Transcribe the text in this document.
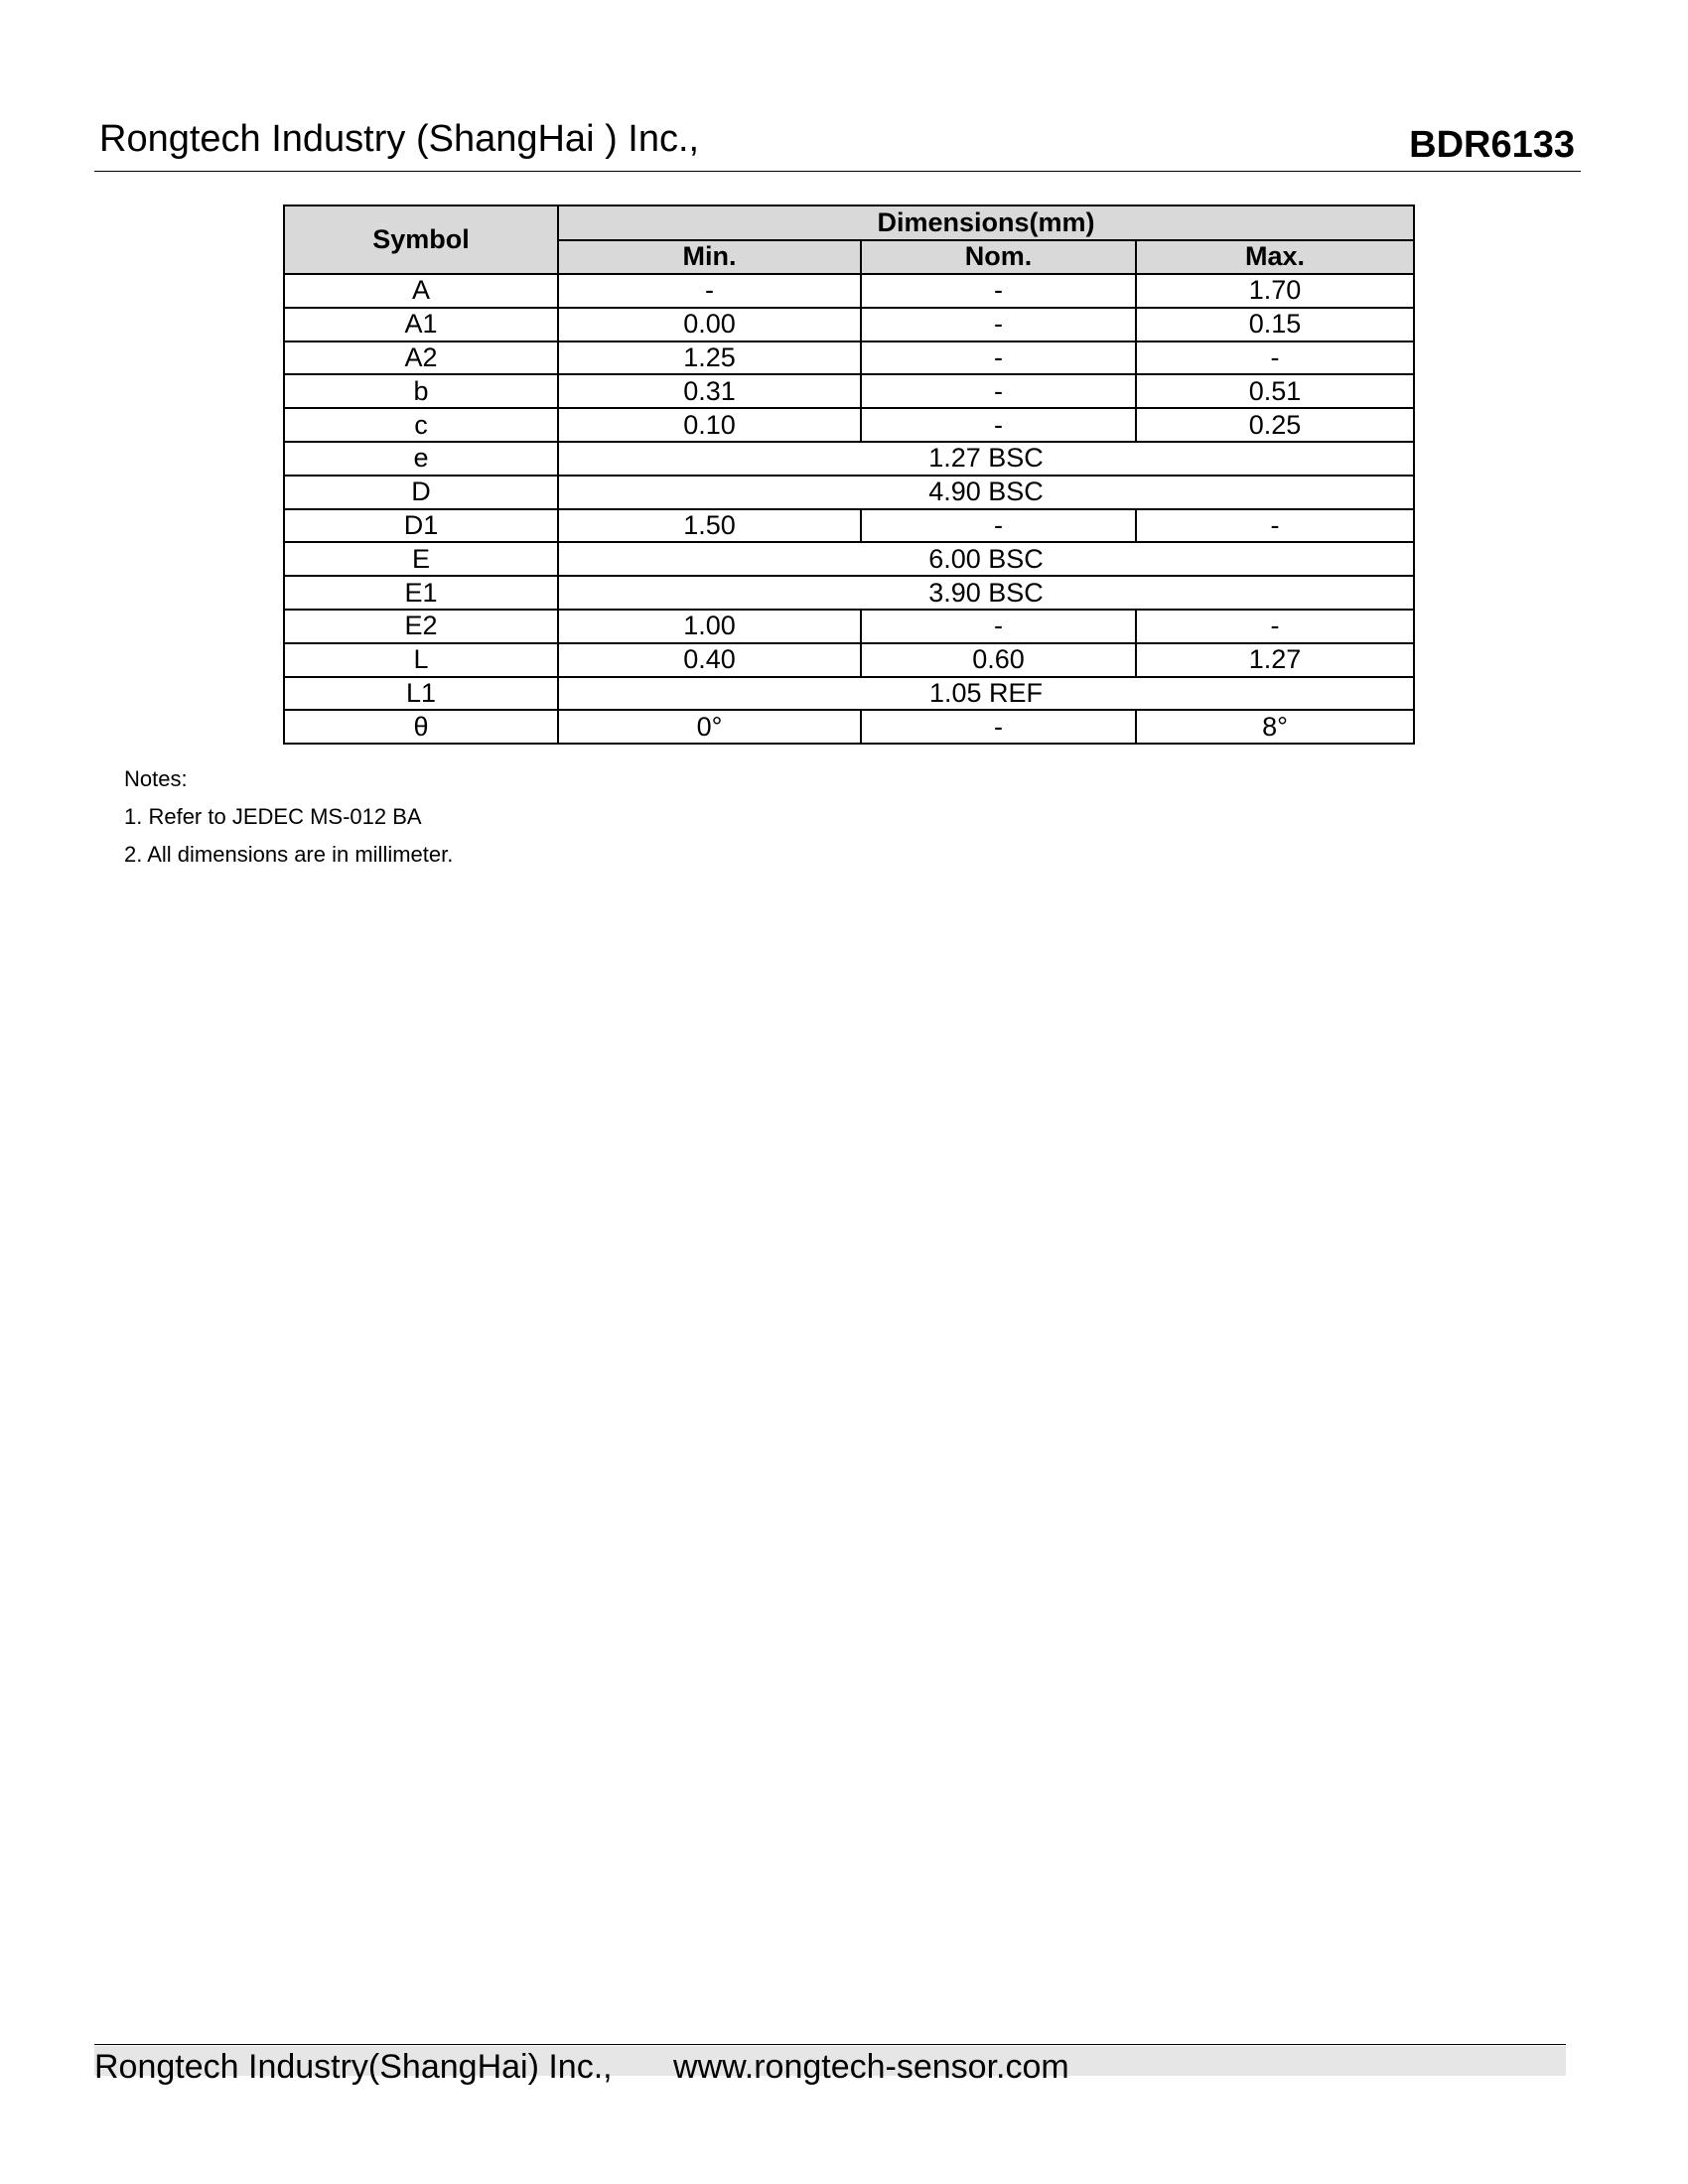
Rongtech Industry (ShangHai ) Inc.,	BDR6133
Symbol	Dimensions(mm)		
	Min.	Nom.	Max.
A	-	-	1.70
A1	0.00	-	0.15
A2	1.25	-	-
b	0.31	-	0.51
c	0.10	-	0.25
e	1.27 BSC		
D	4.90 BSC		
D1	1.50	-	-
E	6.00 BSC		
E1	3.90 BSC		
E2	1.00	-	-
L	0.40	0.60	1.27
L1	1.05 REF		
θ	0°	-	8°
Notes:
1. Refer to JEDEC MS-012 BA
2. All dimensions are in millimeter.
Rongtech Industry(ShangHai) Inc., www.rongtech-sensor.com
